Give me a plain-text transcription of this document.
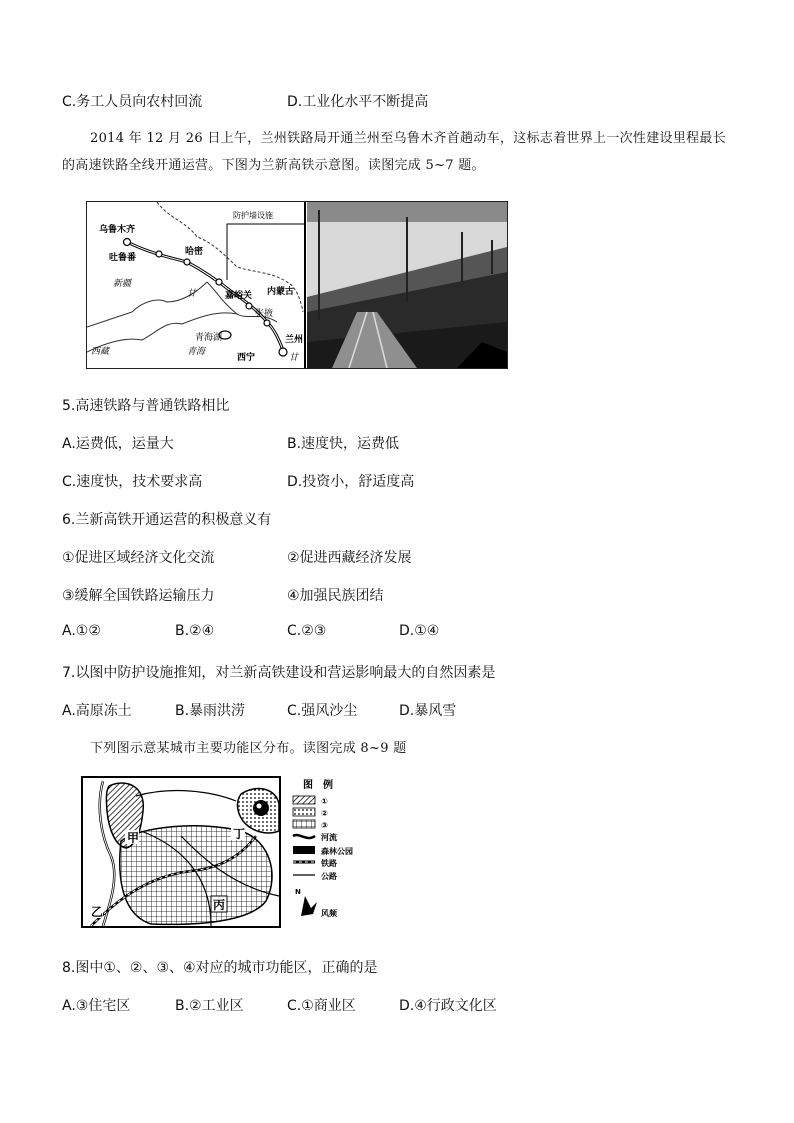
C.务工人员向农村回流	D.工业化水平不断提高
2014 年 12 月 26 日上午，兰州铁路局开通兰州至乌鲁木齐首趟动车，这标志着世界上一次性建设里程最长的高速铁路全线开通运营。下图为兰新高铁示意图。读图完成 5~7 题。
乌鲁木齐
吐鲁番
哈密
新疆
甘	嘉峪关 内蒙古
张掖
青海湖
青海
西宁
兰州
西藏
防护墙设施
甘
5.高速铁路与普通铁路相比
A.运费低，运量大	B.速度快，运费低
C.速度快，技术要求高	D.投资小，舒适度高
6.兰新高铁开通运营的积极意义有
①促进区域经济文化交流	②促进西藏经济发展
③缓解全国铁路运输压力	④加强民族团结
A.①②	B.②④	C.②③	D.①④
7.以图中防护设施推知，对兰新高铁建设和营运影响最大的自然因素是
A.高原冻土	B.暴雨洪涝	C.强风沙尘	D.暴风雪
下列图示意某城市主要功能区分布。读图完成 8~9 题
甲
乙	丙
丁
图　例
①
②
③
河流
森林公园
铁路
公路
N
风频
8.图中①、②、③、④对应的城市功能区，正确的是
A.③住宅区	B.②工业区	C.①商业区	D.④行政文化区
